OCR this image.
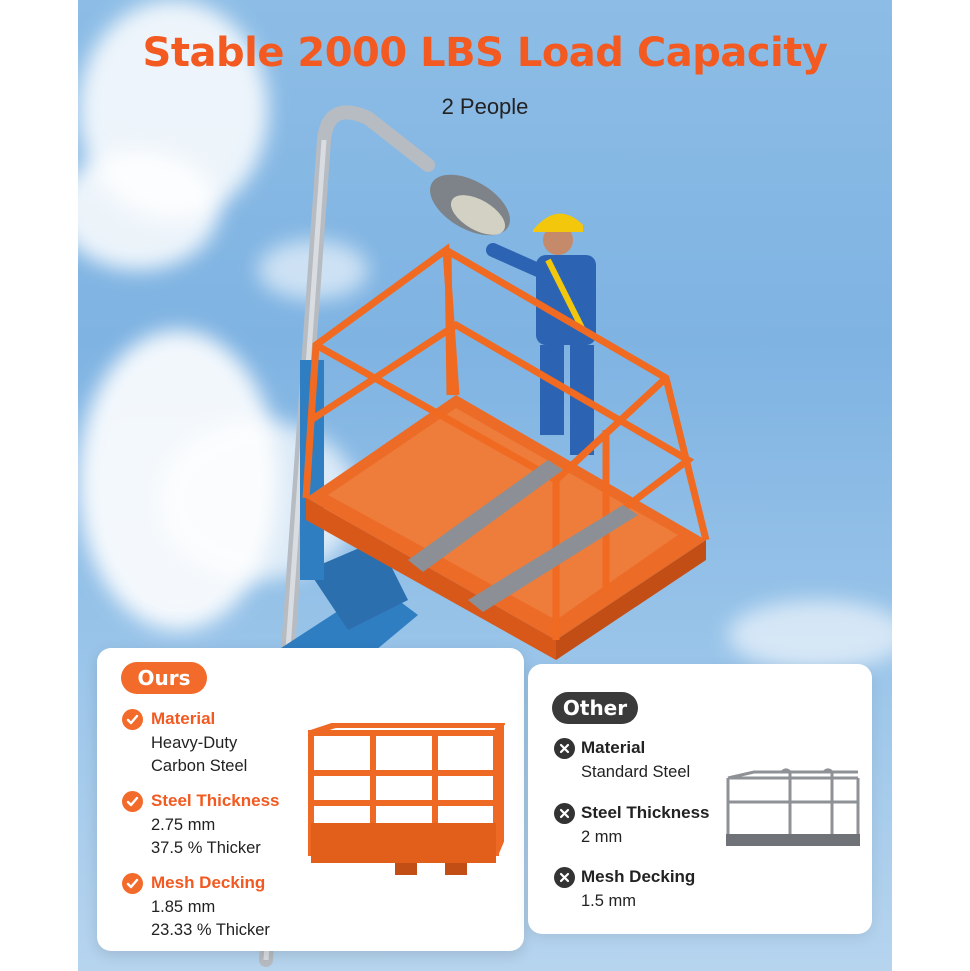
Stable 2000 LBS Load Capacity
2 People
Ours
Material
Heavy-Duty
Carbon Steel
Steel Thickness
2.75 mm
37.5 % Thicker
Mesh Decking
1.85 mm
23.33 % Thicker
Other
Material
Standard Steel
Steel Thickness
2 mm
Mesh Decking
1.5 mm
